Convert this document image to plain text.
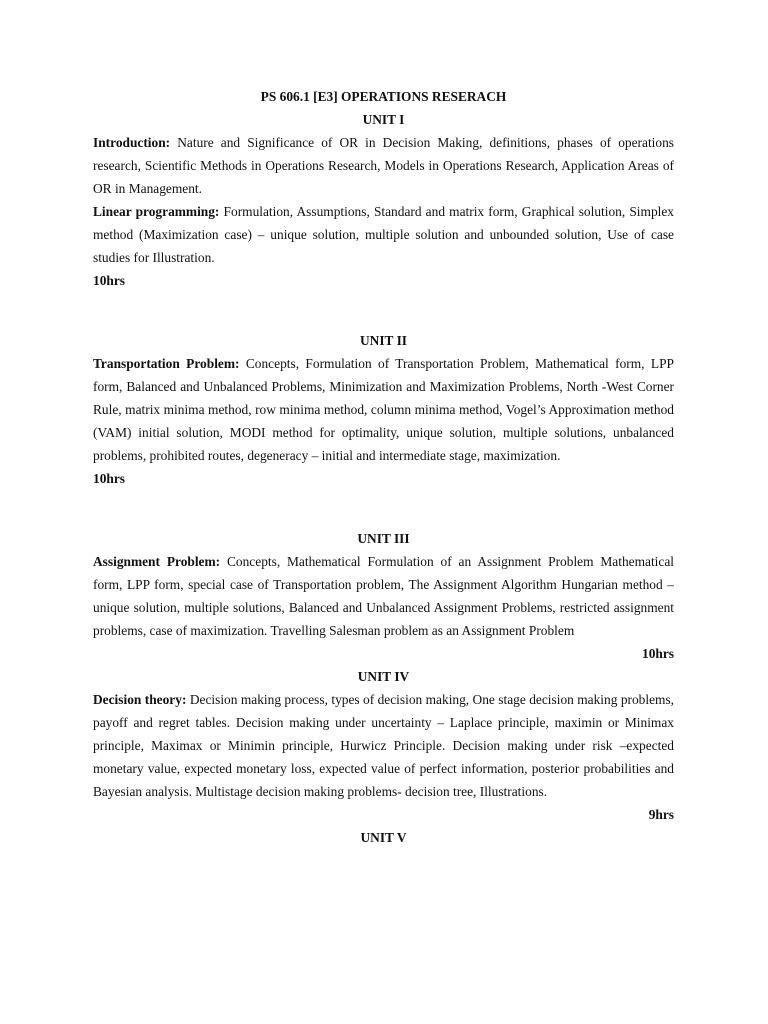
PS 606.1 [E3] OPERATIONS RESERACH
UNIT I
Introduction: Nature and Significance of OR in Decision Making, definitions, phases of operations research, Scientific Methods in Operations Research, Models in Operations Research, Application Areas of OR in Management.
Linear programming: Formulation, Assumptions, Standard and matrix form, Graphical solution, Simplex method (Maximization case) – unique solution, multiple solution and unbounded solution, Use of case studies for Illustration.
10hrs
UNIT II
Transportation Problem: Concepts, Formulation of Transportation Problem, Mathematical form, LPP form, Balanced and Unbalanced Problems, Minimization and Maximization Problems, North -West Corner Rule, matrix minima method, row minima method, column minima method, Vogel’s Approximation method (VAM) initial solution, MODI method for optimality, unique solution, multiple solutions, unbalanced problems, prohibited routes, degeneracy – initial and intermediate stage, maximization.
10hrs
UNIT III
Assignment Problem: Concepts, Mathematical Formulation of an Assignment Problem Mathematical form, LPP form, special case of Transportation problem, The Assignment Algorithm Hungarian method – unique solution, multiple solutions, Balanced and Unbalanced Assignment Problems, restricted assignment problems, case of maximization. Travelling Salesman problem as an Assignment Problem
10hrs
UNIT IV
Decision theory: Decision making process, types of decision making, One stage decision making problems, payoff and regret tables. Decision making under uncertainty – Laplace principle, maximin or Minimax principle, Maximax or Minimin principle, Hurwicz Principle. Decision making under risk –expected monetary value, expected monetary loss, expected value of perfect information, posterior probabilities and Bayesian analysis. Multistage decision making problems- decision tree, Illustrations.
9hrs
UNIT V
